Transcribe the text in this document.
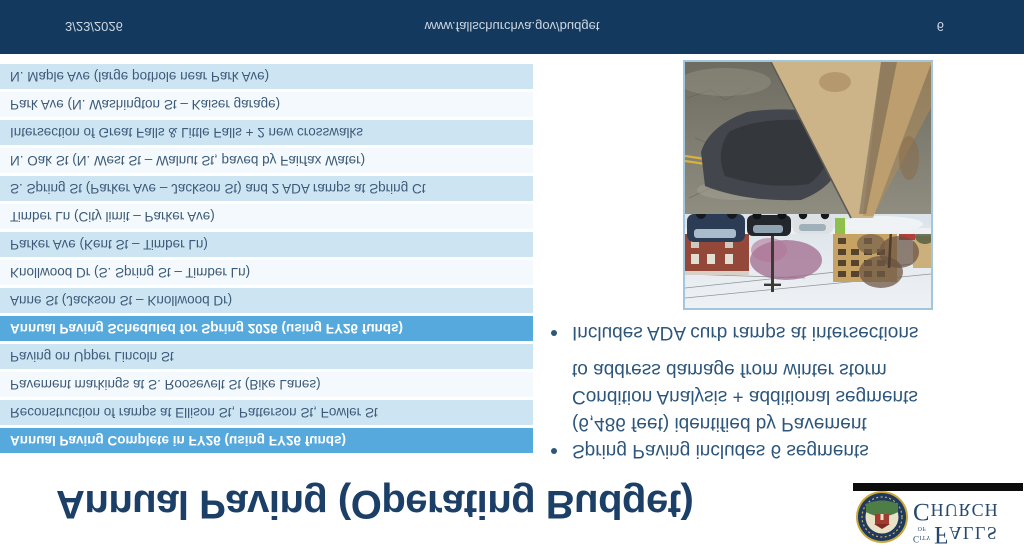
Annual Paving (Operating Budget)
City
of Falls
Church
Spring Paving includes 6 segments
(6,486 feet) identified by Pavement
Condition Analysis + additional segments
to address damage from winter storm
Includes ADA curb ramps at intersections
Annual Paving Complete in FY26 (using FY26 funds)
Reconstruction of ramps at Ellison St, Patterson St, Fowler St
Pavement markings at S. Roosevelt St (Bike Lanes)
Paving on Upper Lincoln St
Annual Paving Scheduled for Spring 2026 (using FY26 funds)
Anne St (Jackson St – Knollwood Dr)
Knollwood Dr (S. Spring St – Timber Ln)
Parker Ave (Kent St – Timber Ln)
Timber Ln (City limit – Parker Ave)
S. Spring St (Parker Ave – Jackson St) and 2 ADA ramps at Spring Ct
N. Oak St (N. West St – Walnut St, paved by Fairfax Water)
Intersection of Great Falls & Little Falls + 2 new crosswalks
Park Ave (N. Washington St – Kaiser garage)
N. Maple Ave (large pothole near Park Ave)
3/23/2026	www.fallschurchva.gov/budget	6
